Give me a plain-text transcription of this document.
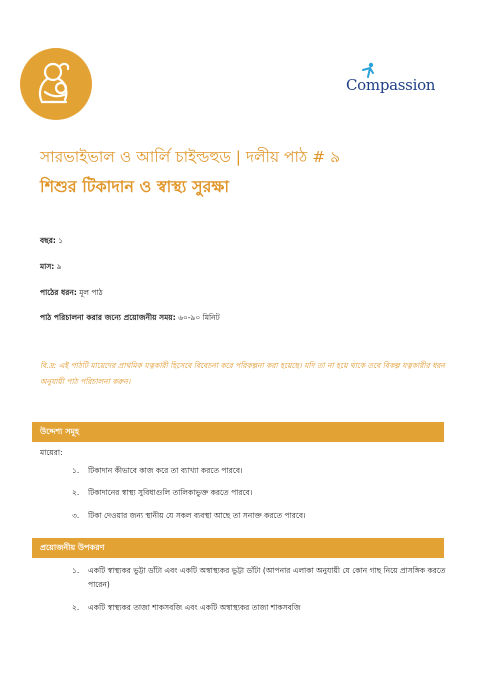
Compassion
সারভাইভাল ও আর্লি চাইল্ডহুড | দলীয় পাঠ # ৯
শিশুর টিকাদান ও স্বাস্থ্য সুরক্ষা
বছর: ১
মাস: ৯
পাঠের ধরন: মূল পাঠ
পাঠ পরিচালনা করার জন্যে প্রয়োজনীয় সময়: ৬০-৯০ মিনিট
বি.দ্র: এই পাঠটি মায়েদের প্রাথমিক যত্নকারী হিসেবে বিবেচনা করে পরিকল্পনা করা হয়েছে। যদি তা না হয়ে থাকে তবে বিকল্প যত্নকারীর ধরন অনুযায়ী পাঠ পরিচালনা করুন।
উদ্দেশ্য সমূহ
মায়েরা:
১.	টিকাদান কীভাবে কাজ করে তা ব্যাখ্যা করতে পারবে।
২.	টিকাদানের স্বাস্থ্য সুবিধাগুলি তালিকাভুক্ত করতে পারবে।
৩.	টিকা দেওয়ার জন্য স্থানীয় যে সকল ব্যবস্থা আছে তা সনাক্ত করতে পারবে।
প্রয়োজনীয় উপকরণ
১.	একটি স্বাস্থ্যকর ভুট্টা ডাঁটা এবং একটি অস্বাস্থ্যকর ভুট্টা ডাঁটা (আপনার এলাকা অনুযায়ী যে কোন গাছ নিয়ে প্রাসঙ্গিক করতে পারেন)
২.	একটি স্বাস্থ্যকর তাজা শাকসবজি এবং একটি অস্বাস্থ্যকর তাজা শাকসবজি
